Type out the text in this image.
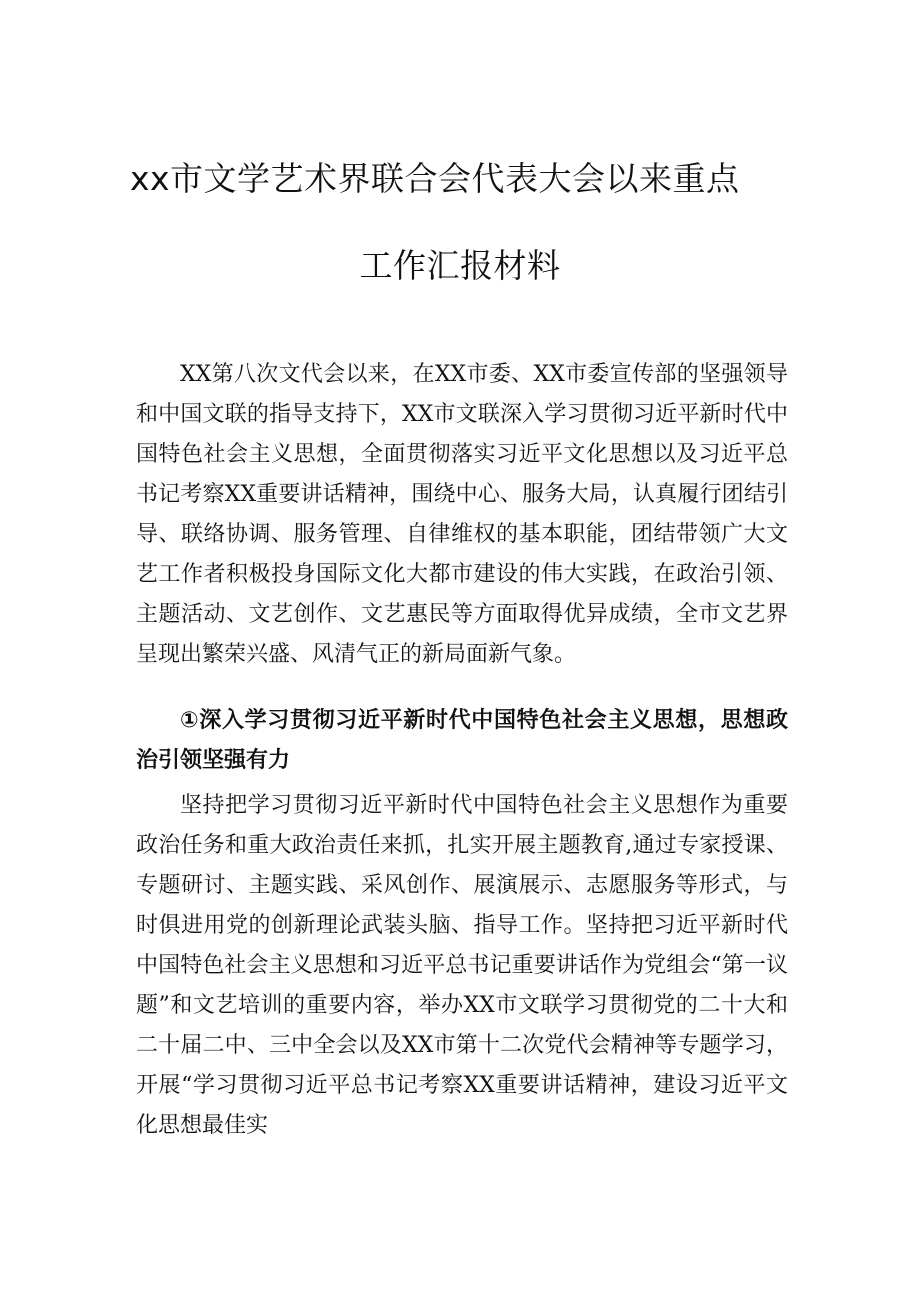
xx市文学艺术界联合会代表大会以来重点
工作汇报材料

XX第八次文代会以来，在XX市委、XX市委宣传部的坚强领导和中国文联的指导支持下，XX市文联深入学习贯彻习近平新时代中国特色社会主义思想，全面贯彻落实习近平文化思想以及习近平总书记考察XX重要讲话精神，围绕中心、服务大局，认真履行团结引导、联络协调、服务管理、自律维权的基本职能，团结带领广大文艺工作者积极投身国际文化大都市建设的伟大实践，在政治引领、主题活动、文艺创作、文艺惠民等方面取得优异成绩，全市文艺界呈现出繁荣兴盛、风清气正的新局面新气象。

①深入学习贯彻习近平新时代中国特色社会主义思想，思想政治引领坚强有力

坚持把学习贯彻习近平新时代中国特色社会主义思想作为重要政治任务和重大政治责任来抓，扎实开展主题教育,通过专家授课、专题研讨、主题实践、采风创作、展演展示、志愿服务等形式，与时俱进用党的创新理论武装头脑、指导工作。坚持把习近平新时代中国特色社会主义思想和习近平总书记重要讲话作为党组会“第一议题”和文艺培训的重要内容，举办XX市文联学习贯彻党的二十大和二十届二中、三中全会以及XX市第十二次党代会精神等专题学习，开展“学习贯彻习近平总书记考察XX重要讲话精神，建设习近平文化思想最佳实
